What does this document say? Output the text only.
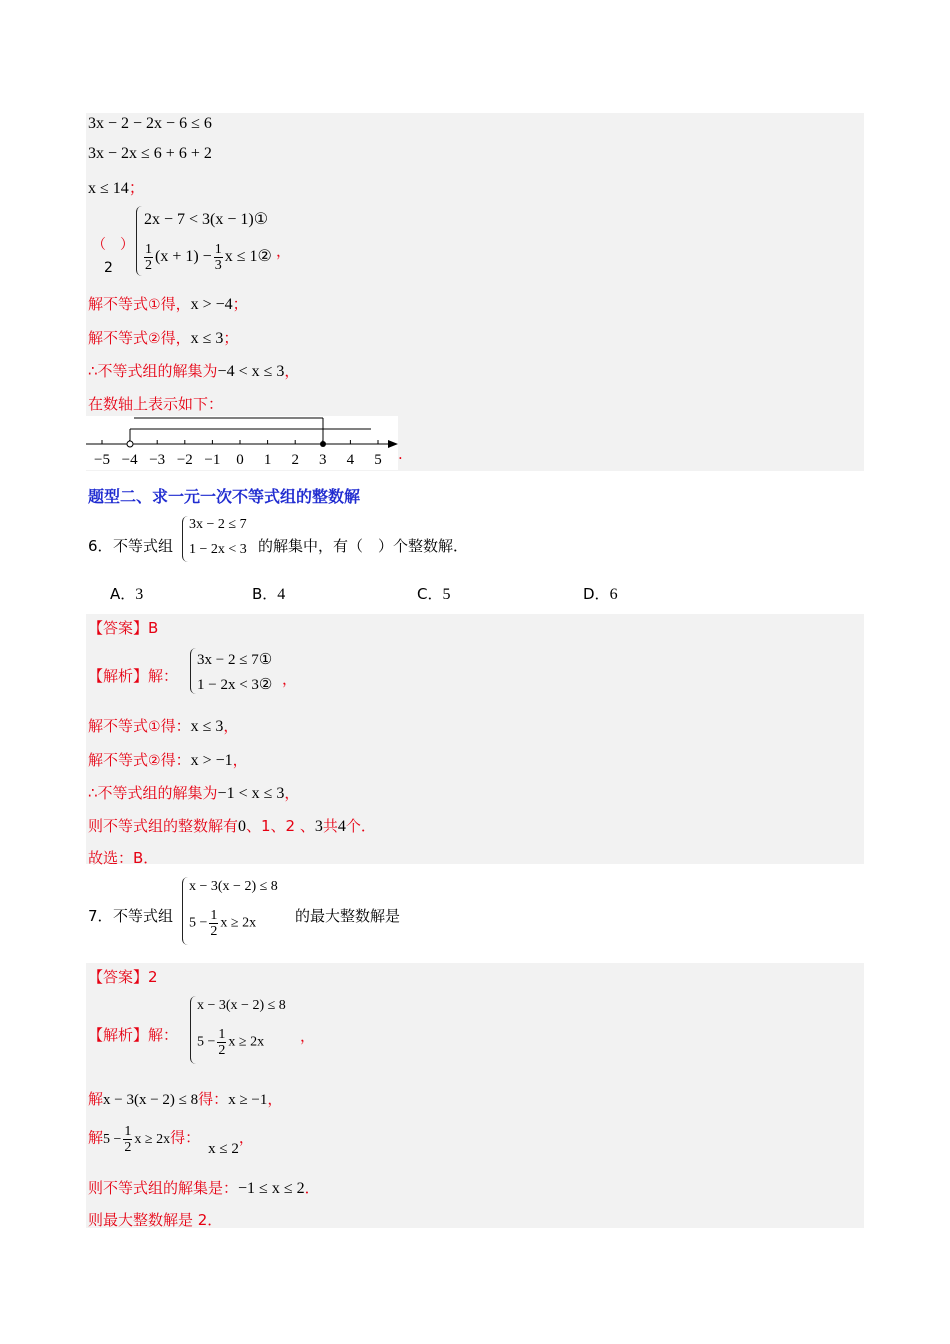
3x − 2 − 2x − 6 ≤ 6
3x − 2x ≤ 6 + 6 + 2
x ≤ 14；
（　）
2
2x − 7 < 3(x − 1)①
$\frac{1}{2} (x + 1) - \frac{1}{3}$ x ≤ 1② ，
解不等式①得，x > −4；
解不等式②得，x ≤ 3；
∴不等式组的解集为−4 < x ≤ 3，
在数轴上表示如下：
−5 −4 −3 −2 −1 0 1 2 3 4 5 .
题型二、求一元一次不等式组的整数解
6． 不等式组
3x − 2 ≤ 7
1 − 2x < 3 的解集中，有（　）个整数解．
A．3	B．4	C．5	D．6
【答案】B
【解析】解：
3x − 2 ≤ 7①
1 − 2x < 3② ，
解不等式①得：x ≤ 3，
解不等式②得：x > −1，
∴不等式组的解集为−1 < x ≤ 3，
则不等式组的整数解有0、1、2 、3共4个．
故选：B．
7． 不等式组
x − 3(x − 2) ≤ 8
$5 - \frac{1}{2}$ x ≥ 2x	的最大整数解是
【答案】2
【解析】解：
x − 3(x − 2) ≤ 8
$5 - \frac{1}{2}$ x ≥ 2x ，
解x − 3(x − 2) ≤ 8得：x ≥ −1，
解$5 - \frac{1}{2}$ x ≥ 2x得：x ≤ 2，
则不等式组的解集是：−1 ≤ x ≤ 2．
则最大整数解是 2．
